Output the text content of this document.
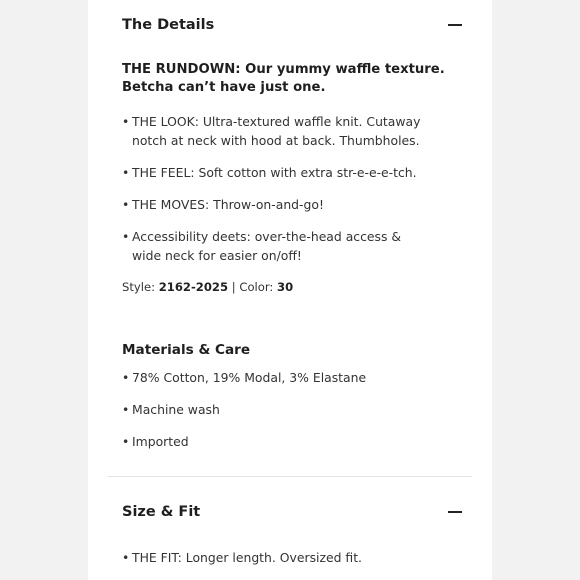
The Details
THE RUNDOWN: Our yummy waffle texture. Betcha can’t have just one.
• THE LOOK: Ultra-textured waffle knit. Cutaway notch at neck with hood at back. Thumbholes.
• THE FEEL: Soft cotton with extra str-e-e-e-tch.
• THE MOVES: Throw-on-and-go!
• Accessibility deets: over-the-head access & wide neck for easier on/off!
Style: 2162-2025 | Color: 30
Materials & Care
• 78% Cotton, 19% Modal, 3% Elastane
• Machine wash
• Imported
Size & Fit
• THE FIT: Longer length. Oversized fit.
